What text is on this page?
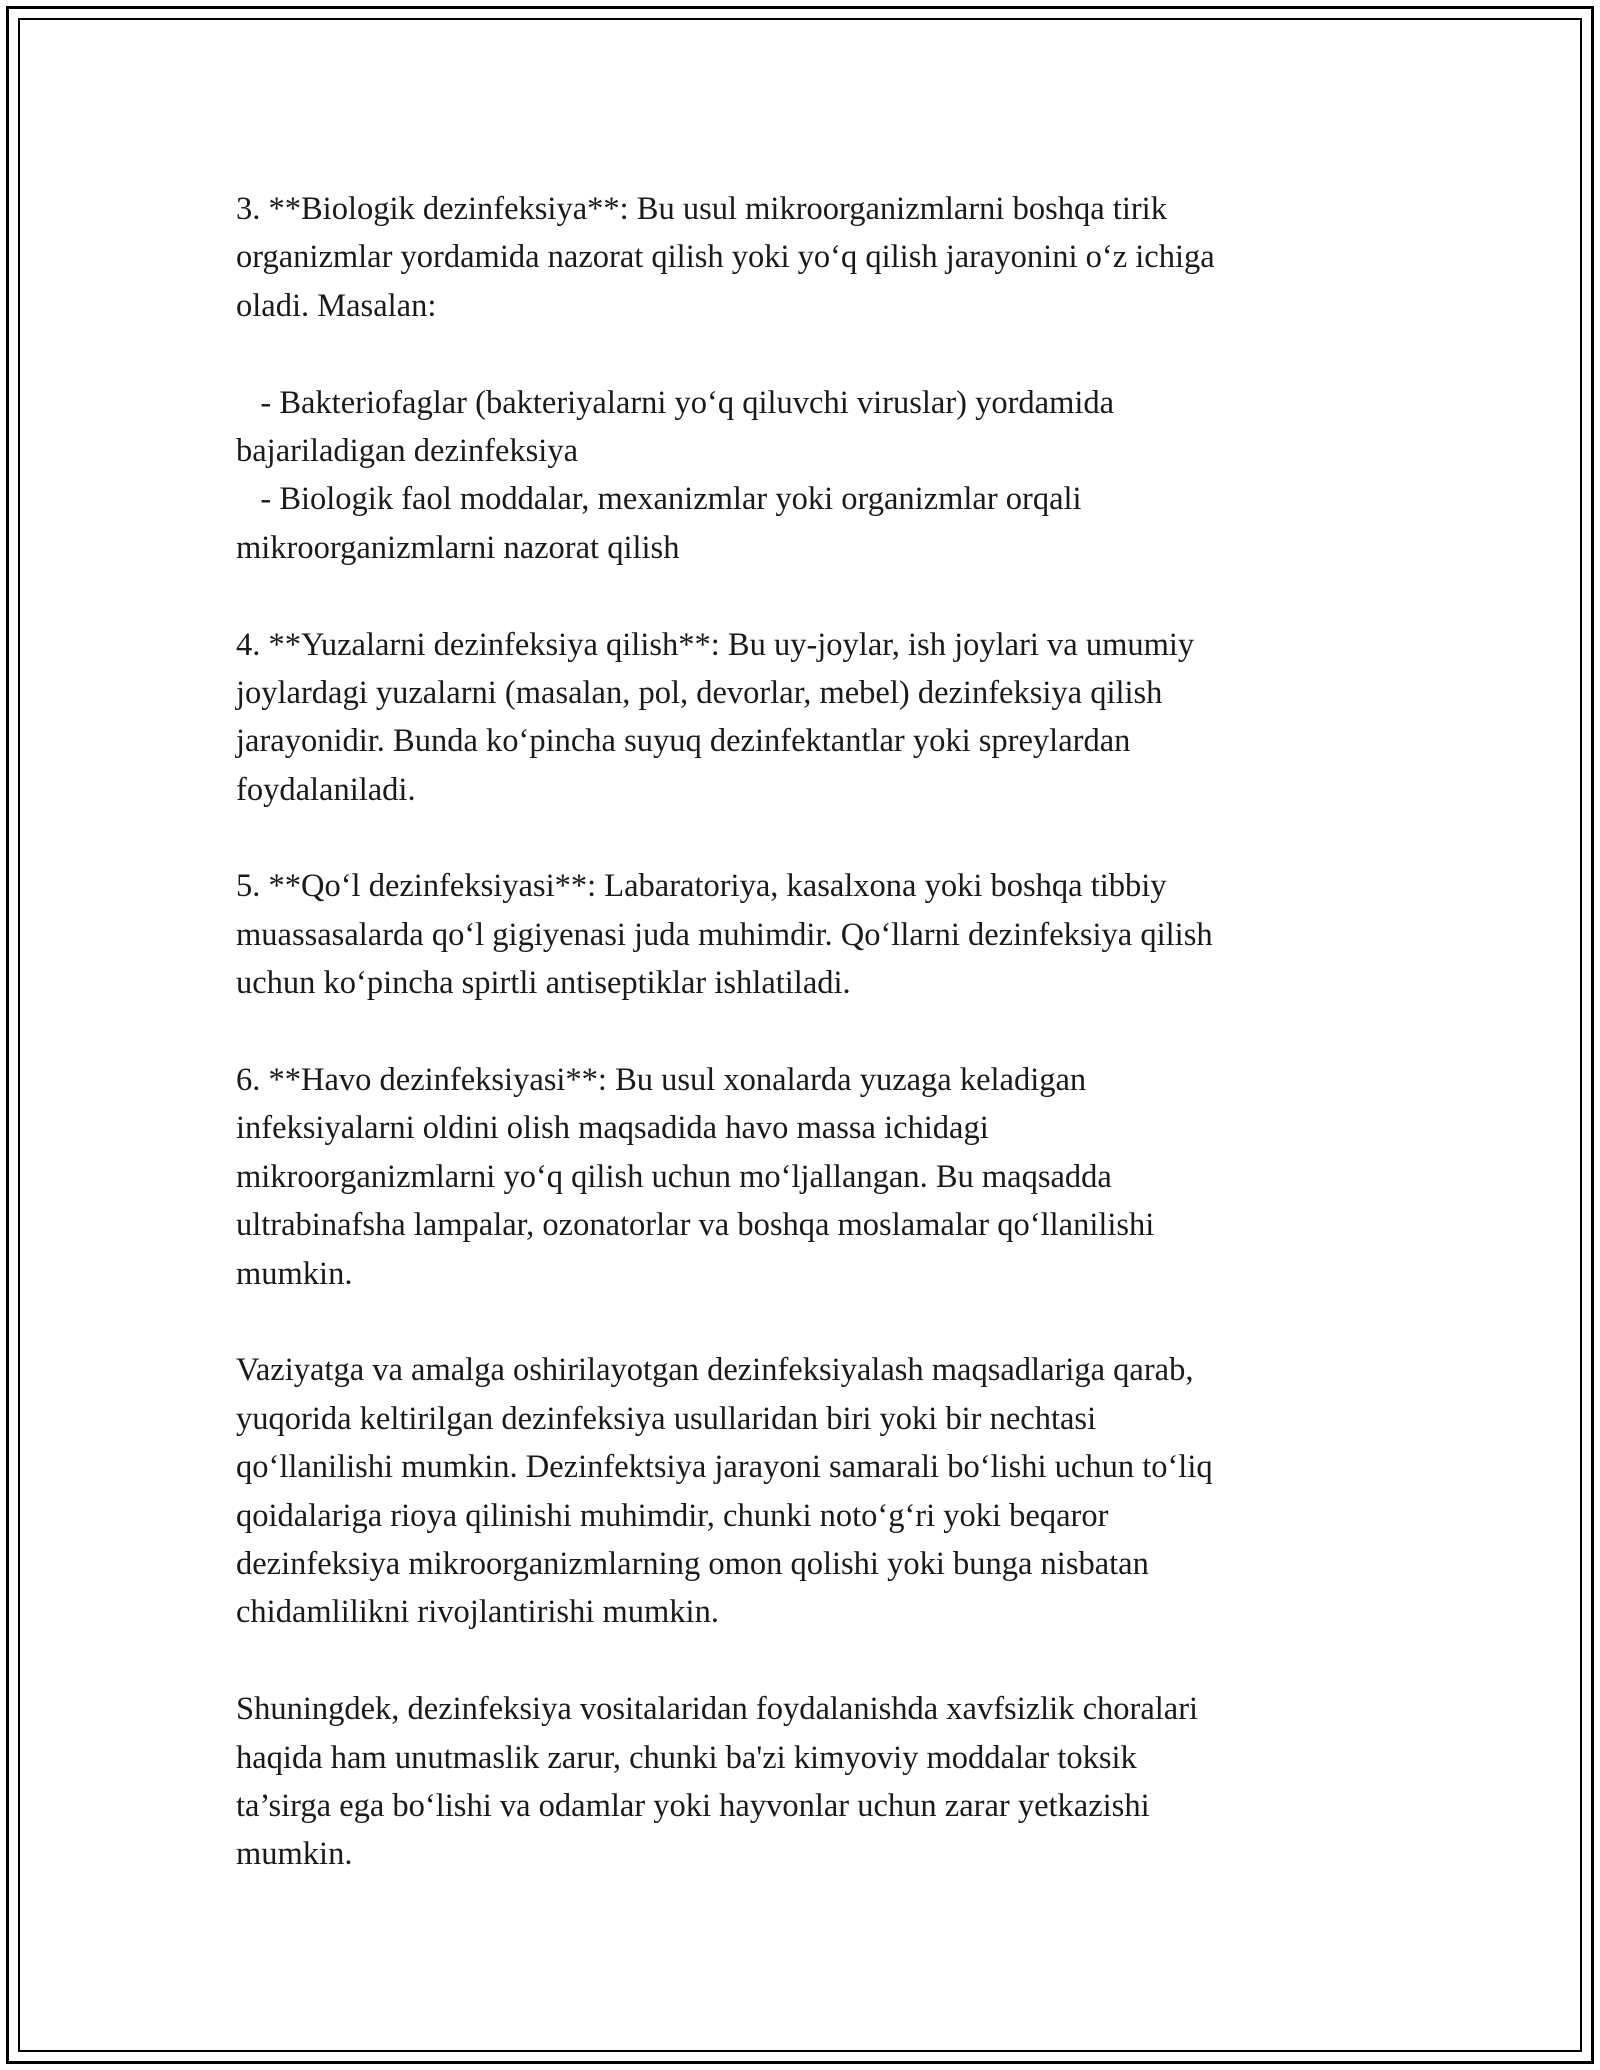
3. **Biologik dezinfeksiya**: Bu usul mikroorganizmlarni boshqa tirik
organizmlar yordamida nazorat qilish yoki yo‘q qilish jarayonini o‘z ichiga
oladi. Masalan:
- Bakteriofaglar (bakteriyalarni yo‘q qiluvchi viruslar) yordamida
bajariladigan dezinfeksiya
- Biologik faol moddalar, mexanizmlar yoki organizmlar orqali
mikroorganizmlarni nazorat qilish
4. **Yuzalarni dezinfeksiya qilish**: Bu uy-joylar, ish joylari va umumiy
joylardagi yuzalarni (masalan, pol, devorlar, mebel) dezinfeksiya qilish
jarayonidir. Bunda ko‘pincha suyuq dezinfektantlar yoki spreylardan
foydalaniladi.
5. **Qo‘l dezinfeksiyasi**: Labaratoriya, kasalxona yoki boshqa tibbiy
muassasalarda qo‘l gigiyenasi juda muhimdir. Qo‘llarni dezinfeksiya qilish
uchun ko‘pincha spirtli antiseptiklar ishlatiladi.
6. **Havo dezinfeksiyasi**: Bu usul xonalarda yuzaga keladigan
infeksiyalarni oldini olish maqsadida havo massa ichidagi
mikroorganizmlarni yo‘q qilish uchun mo‘ljallangan. Bu maqsadda
ultrabinafsha lampalar, ozonatorlar va boshqa moslamalar qo‘llanilishi
mumkin.
Vaziyatga va amalga oshirilayotgan dezinfeksiyalash maqsadlariga qarab,
yuqorida keltirilgan dezinfeksiya usullaridan biri yoki bir nechtasi
qo‘llanilishi mumkin. Dezinfektsiya jarayoni samarali bo‘lishi uchun to‘liq
qoidalariga rioya qilinishi muhimdir, chunki noto‘g‘ri yoki beqaror
dezinfeksiya mikroorganizmlarning omon qolishi yoki bunga nisbatan
chidamlilikni rivojlantirishi mumkin.
Shuningdek, dezinfeksiya vositalaridan foydalanishda xavfsizlik choralari
haqida ham unutmaslik zarur, chunki ba'zi kimyoviy moddalar toksik
ta’sirga ega bo‘lishi va odamlar yoki hayvonlar uchun zarar yetkazishi
mumkin.
